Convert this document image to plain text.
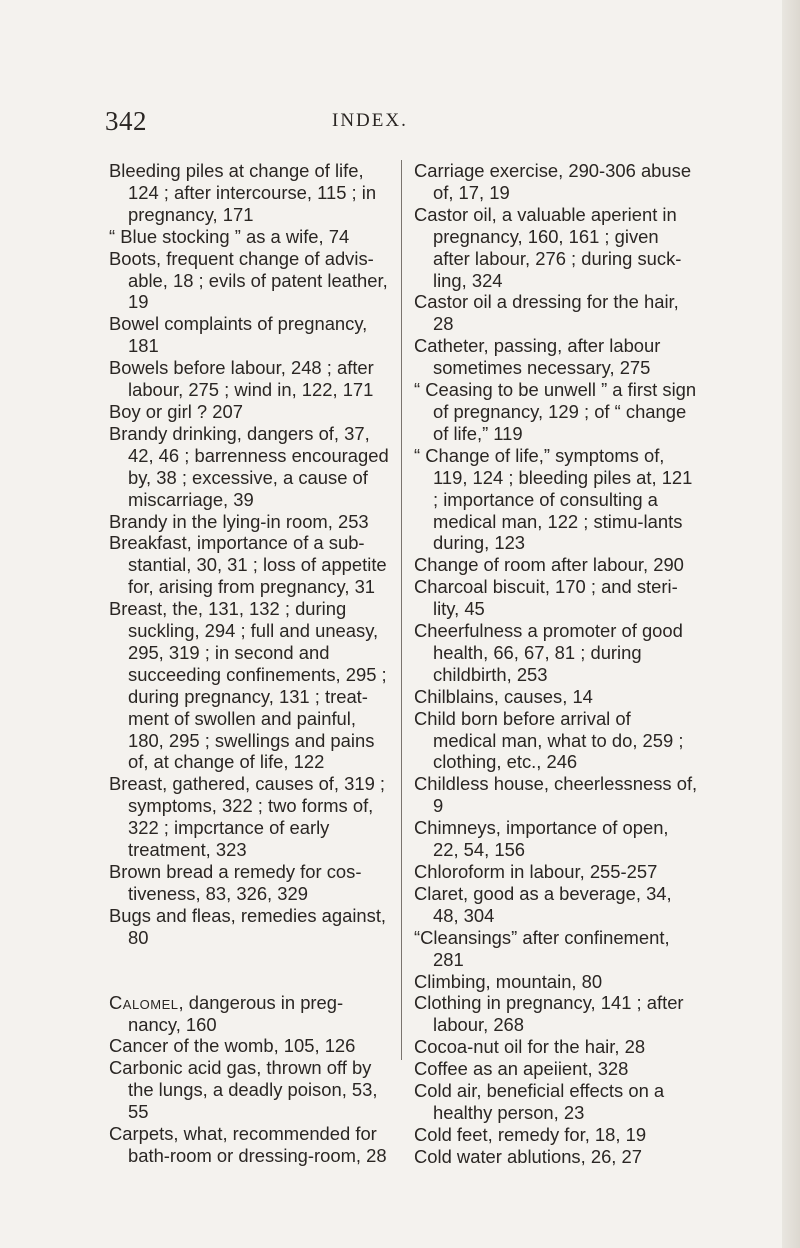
342	INDEX.

Bleeding piles at change of life, 124 ; after intercourse, 115 ; in pregnancy, 171

“ Blue stocking ” as a wife, 74

Boots, frequent change of advis-able, 18 ; evils of patent leather, 19

Bowel complaints of pregnancy, 181

Bowels before labour, 248 ; after labour, 275 ; wind in, 122, 171

Boy or girl ? 207

Brandy drinking, dangers of, 37, 42, 46 ; barrenness encouraged by, 38 ; excessive, a cause of miscarriage, 39

Brandy in the lying-in room, 253

Breakfast, importance of a sub-stantial, 30, 31 ; loss of appetite for, arising from pregnancy, 31

Breast, the, 131, 132 ; during suckling, 294 ; full and uneasy, 295, 319 ; in second and succeeding confinements, 295 ; during pregnancy, 131 ; treat-ment of swollen and painful, 180, 295 ; swellings and pains of, at change of life, 122

Breast, gathered, causes of, 319 ; symptoms, 322 ; two forms of, 322 ; impcrtance of early treatment, 323

Brown bread a remedy for cos-tiveness, 83, 326, 329

Bugs and fleas, remedies against, 80

Calomel, dangerous in preg-nancy, 160

Cancer of the womb, 105, 126

Carbonic acid gas, thrown off by the lungs, a deadly poison, 53, 55

Carpets, what, recommended for bath-room or dressing-room, 28

Carriage exercise, 290-306 abuse of, 17, 19

Castor oil, a valuable aperient in pregnancy, 160, 161 ; given after labour, 276 ; during suck-ling, 324

Castor oil a dressing for the hair, 28

Catheter, passing, after labour sometimes necessary, 275

“ Ceasing to be unwell ” a first sign of pregnancy, 129 ; of “ change of life,” 119

“ Change of life,” symptoms of, 119, 124 ; bleeding piles at, 121 ; importance of consulting a medical man, 122 ; stimu-lants during, 123

Change of room after labour, 290

Charcoal biscuit, 170 ; and steri-lity, 45

Cheerfulness a promoter of good health, 66, 67, 81 ; during childbirth, 253

Chilblains, causes, 14

Child born before arrival of medical man, what to do, 259 ; clothing, etc., 246

Childless house, cheerlessness of, 9

Chimneys, importance of open, 22, 54, 156

Chloroform in labour, 255-257

Claret, good as a beverage, 34, 48, 304

“Cleansings” after confinement, 281

Climbing, mountain, 80

Clothing in pregnancy, 141 ; after labour, 268

Cocoa-nut oil for the hair, 28

Coffee as an apeiient, 328

Cold air, beneficial effects on a healthy person, 23

Cold feet, remedy for, 18, 19

Cold water ablutions, 26, 27
